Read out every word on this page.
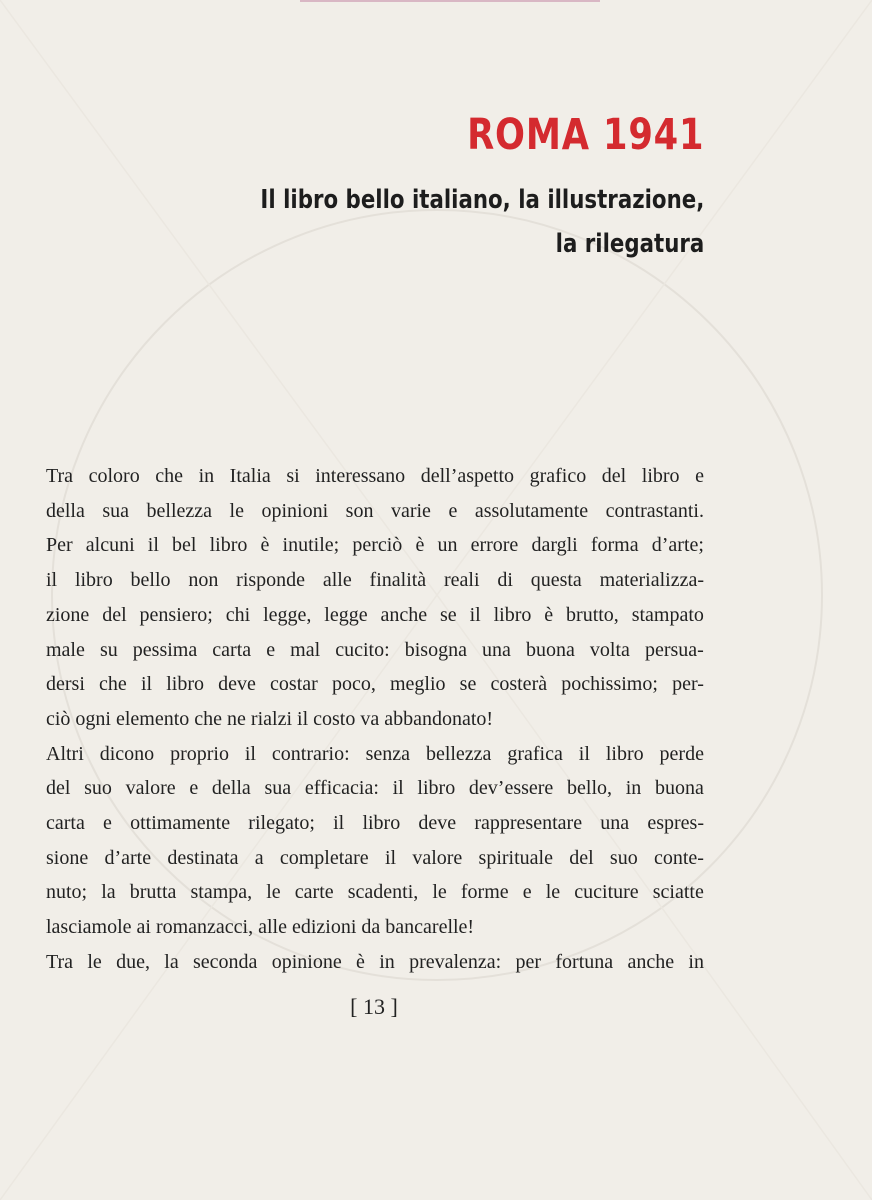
ROMA 1941
Il libro bello italiano, la illustrazione,
la rilegatura
Tra coloro che in Italia si interessano dell’aspetto grafico del libro e
della sua bellezza le opinioni son varie e assolutamente contrastanti.
Per alcuni il bel libro è inutile; perciò è un errore dargli forma d’arte;
il libro bello non risponde alle finalità reali di questa materializza-
zione del pensiero; chi legge, legge anche se il libro è brutto, stampato
male su pessima carta e mal cucito: bisogna una buona volta persua-
dersi che il libro deve costar poco, meglio se costerà pochissimo; per-
ciò ogni elemento che ne rialzi il costo va abbandonato!
Altri dicono proprio il contrario: senza bellezza grafica il libro perde
del suo valore e della sua efficacia: il libro dev’essere bello, in buona
carta e ottimamente rilegato; il libro deve rappresentare una espres-
sione d’arte destinata a completare il valore spirituale del suo conte-
nuto; la brutta stampa, le carte scadenti, le forme e le cuciture sciatte
lasciamole ai romanzacci, alle edizioni da bancarelle!
Tra le due, la seconda opinione è in prevalenza: per fortuna anche in
[ 13 ]
